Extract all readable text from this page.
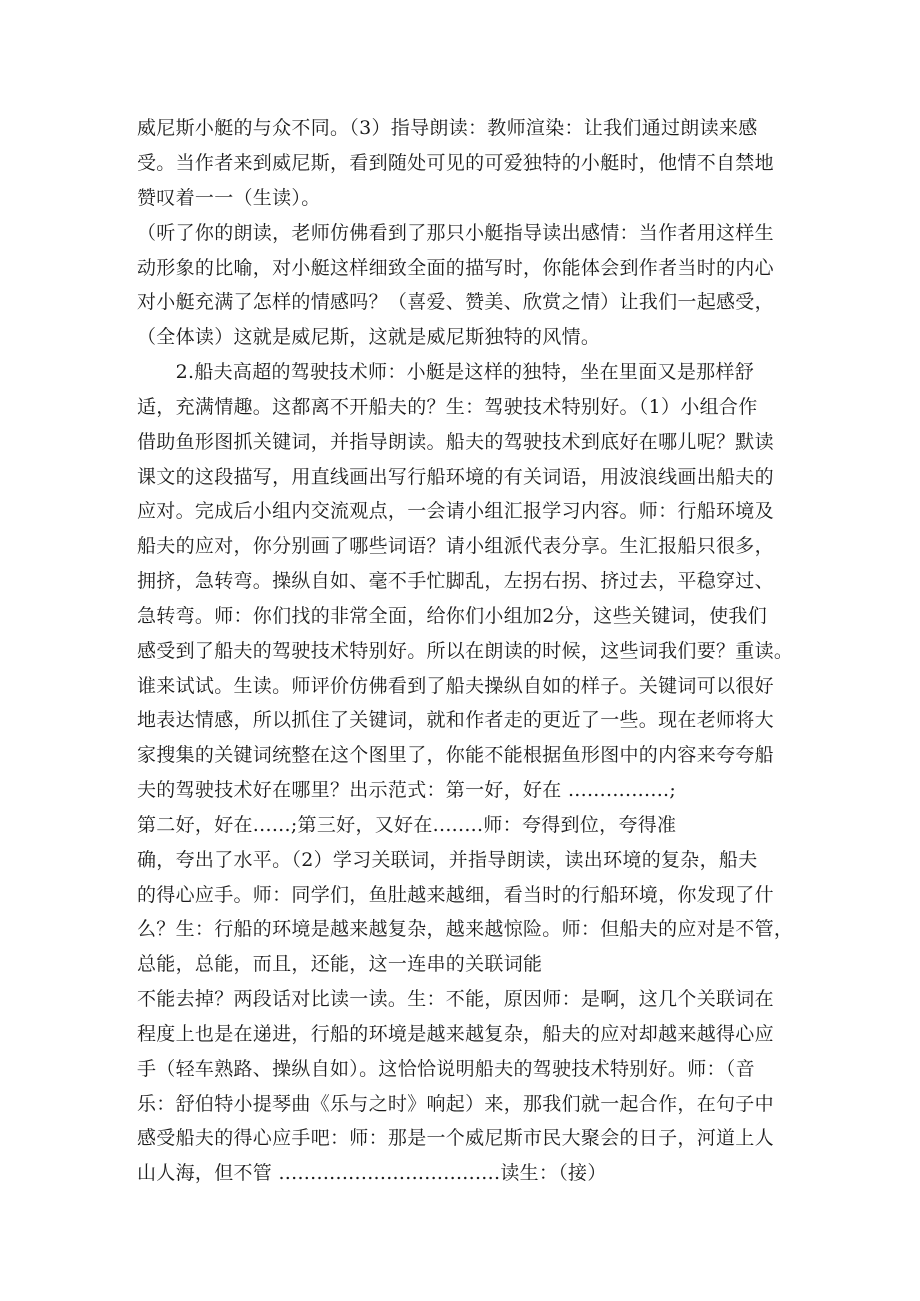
威尼斯小艇的与众不同。（3）指导朗读：教师渲染：让我们通过朗读来感
受。当作者来到威尼斯，看到随处可见的可爱独特的小艇时，他情不自禁地
赞叹着一一（生读）。
（听了你的朗读，老师仿佛看到了那只小艇指导读出感情：当作者用这样生
动形象的比喻，对小艇这样细致全面的描写时，你能体会到作者当时的内心
对小艇充满了怎样的情感吗？（喜爱、赞美、欣赏之情）让我们一起感受，
（全体读）这就是威尼斯，这就是威尼斯独特的风情。
　　2.船夫高超的驾驶技术师：小艇是这样的独特，坐在里面又是那样舒
适，充满情趣。这都离不开船夫的？生：驾驶技术特别好。（1）小组合作
借助鱼形图抓关键词，并指导朗读。船夫的驾驶技术到底好在哪儿呢？默读
课文的这段描写，用直线画出写行船环境的有关词语，用波浪线画出船夫的
应对。完成后小组内交流观点，一会请小组汇报学习内容。师：行船环境及
船夫的应对，你分别画了哪些词语？请小组派代表分享。生汇报船只很多，
拥挤，急转弯。操纵自如、毫不手忙脚乱，左拐右拐、挤过去，平稳穿过、
急转弯。师：你们找的非常全面，给你们小组加2分，这些关键词，使我们
感受到了船夫的驾驶技术特别好。所以在朗读的时候，这些词我们要？重读。
谁来试试。生读。师评价仿佛看到了船夫操纵自如的样子。关键词可以很好
地表达情感，所以抓住了关键词，就和作者走的更近了一些。现在老师将大
家搜集的关键词统整在这个图里了，你能不能根据鱼形图中的内容来夸夸船
夫的驾驶技术好在哪里？出示范式：第一好，好在 ................;
第二好，好在......;第三好，又好在........师：夸得到位，夸得准
确，夸出了水平。（2）学习关联词，并指导朗读，读出环境的复杂，船夫
的得心应手。师：同学们，鱼肚越来越细，看当时的行船环境，你发现了什
么？生：行船的环境是越来越复杂，越来越惊险。师：但船夫的应对是不管，
总能，总能，而且，还能，这一连串的关联词能
不能去掉？两段话对比读一读。生：不能，原因师：是啊，这几个关联词在
程度上也是在递进，行船的环境是越来越复杂，船夫的应对却越来越得心应
手（轻车熟路、操纵自如）。这恰恰说明船夫的驾驶技术特别好。师：（音
乐：舒伯特小提琴曲《乐与之时》响起）来，那我们就一起合作，在句子中
感受船夫的得心应手吧：师：那是一个威尼斯市民大聚会的日子，河道上人
山人海，但不管 ...................................读生：（接）
